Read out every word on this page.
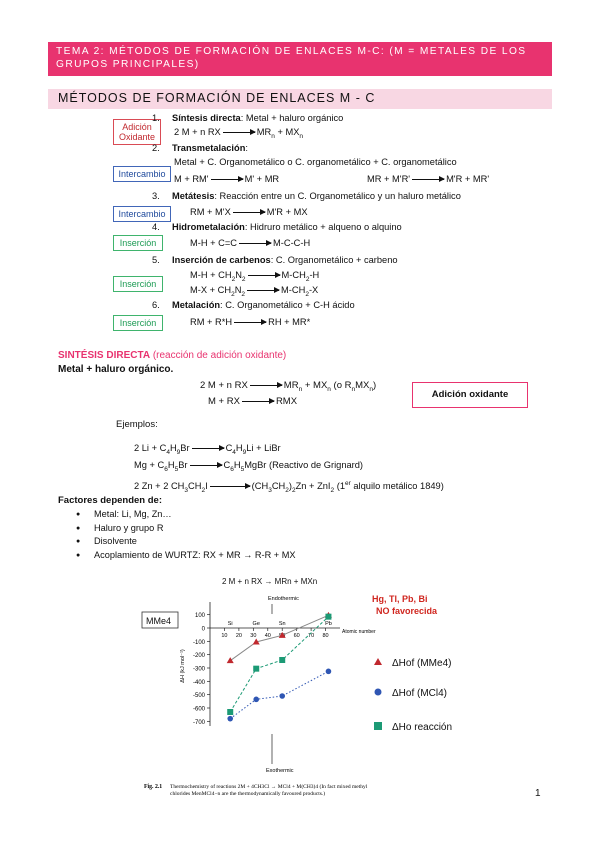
TEMA 2: MÉTODOS DE FORMACIÓN DE ENLACES M-C: (M = METALES DE LOS GRUPOS PRINCIPALES)
MÉTODOS DE FORMACIÓN DE ENLACES M - C
Adición
Oxidante
Intercambio
Intercambio
Inserción
Inserción
Inserción
1. Síntesis directa: Metal + haluro orgánico
2 M + n RX	$MR_n + MX_n$
2. Transmetalación:
Metal + C. Organometálico o C. organometálico + C. organometálico
M + RM'	M' + MR	MR + M'R'	M'R + MR'
3. Metátesis: Reacción entre un C. Organometálico y un haluro metálico
RM + M'X	M'R + MX
4. Hidrometalación: Hidruro metálico + alqueno o alquino
M-H + C=C	M-C-C-H
5. Inserción de carbenos: C. Organometálico + carbeno
$M-H + CH_2N_2$	$M-CH_2-H$
$M-X + CH_2N_2$	$M-CH_2-X$
6. Metalación: C. Organometálico + C-H ácido
RM + R*H	RH + MR*
SINTÉSIS DIRECTA (reacción de adición oxidante)
Metal + haluro orgánico.
2 M + n RX	$MR_n + MX_n$ (o $R_nMX_n$)
M + RX	RMX
Adición oxidante
Ejemplos:
2 $Li + C_4H_9Br$	$C_4H_9Li$ + LiBr
$Mg + C_6H_5Br$	$C_6H_5MgBr$ (Reactivo de Grignard)
2 Zn + 2 $CH_3CH_2I$	$(CH_3CH_2)_2Zn + ZnI_2$ (1er alquilo metálico 1849)
Factores dependen de:
● Metal: Li, Mg, Zn…
● Haluro y grupo R
● Disolvente
● Acoplamiento de WURTZ: RX + MR → R-R + MX
MMe4
2 M + n RX → MRn + MXn
Hg, Tl, Pb, Bi
NO favorecida
100
0
-100
-200
-300
-400
-500
-600
-700
10 20 30 40	60 70 80
Si	Ge	Sn	Pb
Atomic number
ΔH (kJ mol⁻¹)
Endothermic
Exothermic
ΔHof (MMe4)
ΔHof (MCl4)
ΔHo reacción
Fig. 2.1 Thermochemistry of reactions 2M + 4CH3Cl → MCl4 + M(CH3)4 (In fact mixed methyl
chlorides MenMCl4−n are the thermodynamically favoured products.)	1
